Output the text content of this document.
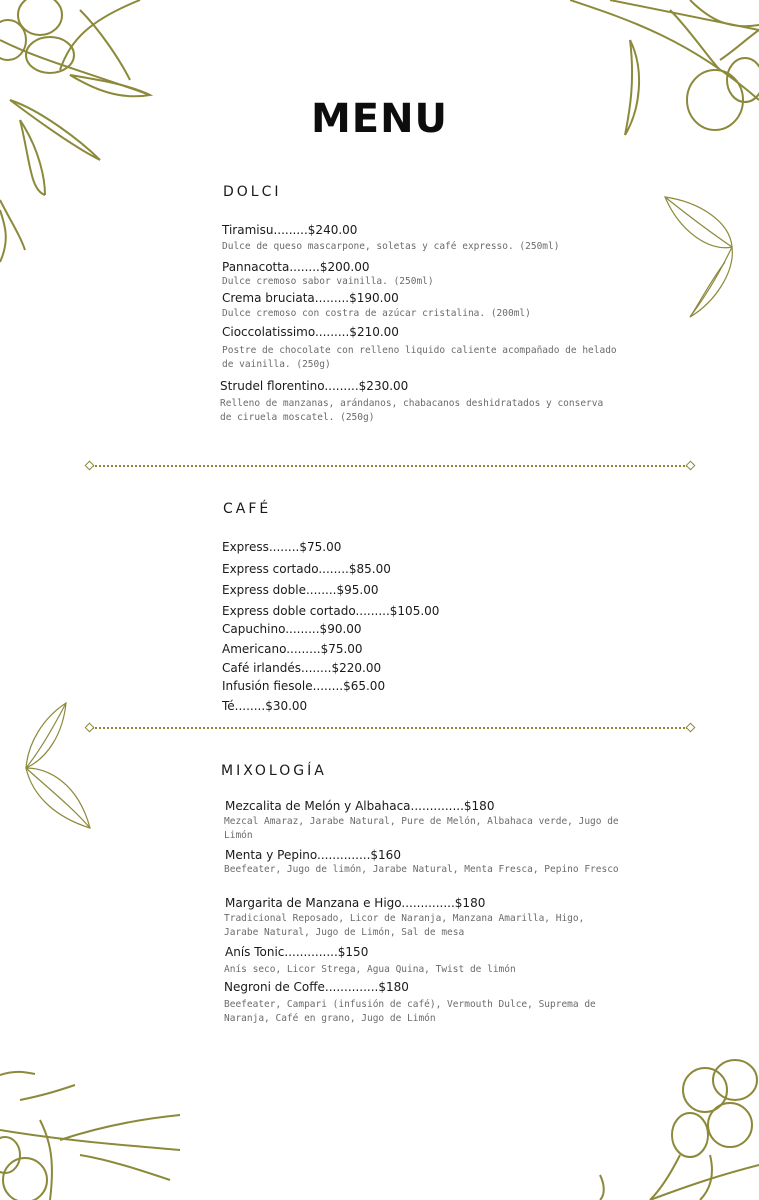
MENU
DOLCI
Tiramisu.........$240.00
Dulce de queso mascarpone, soletas y café expresso. (250ml)
Pannacotta........$200.00
Dulce cremoso sabor vainilla. (250ml)
Crema bruciata.........$190.00
Dulce cremoso con costra de azúcar cristalina. (200ml)
Cioccolatissimo.........$210.00
Postre de chocolate con relleno liquido caliente acompañado de helado de vainilla. (250g)
Strudel florentino.........$230.00
Relleno de manzanas, arándanos, chabacanos deshidratados y conserva de ciruela moscatel. (250g)
CAFÉ
Express........$75.00
Express cortado........$85.00
Express doble........$95.00
Express doble cortado.........$105.00
Capuchino.........$90.00
Americano.........$75.00
Café irlandés........$220.00
Infusión fiesole........$65.00
Té........$30.00
MIXOLOGÍA
Mezcalita de Melón y Albahaca..............$180
Mezcal Amaraz, Jarabe Natural, Pure de Melón, Albahaca verde, Jugo de Limón
Menta y Pepino..............$160
Beefeater, Jugo de limón, Jarabe Natural, Menta Fresca, Pepino Fresco
Margarita de Manzana e Higo..............$180
Tradicional Reposado, Licor de Naranja, Manzana Amarilla, Higo, Jarabe Natural, Jugo de Limón, Sal de mesa
Anís Tonic..............$150
Anís seco, Licor Strega, Agua Quina, Twist de limón
Negroni de Coffe..............$180
Beefeater, Campari (infusión de café), Vermouth Dulce, Suprema de Naranja, Café en grano, Jugo de Limón
